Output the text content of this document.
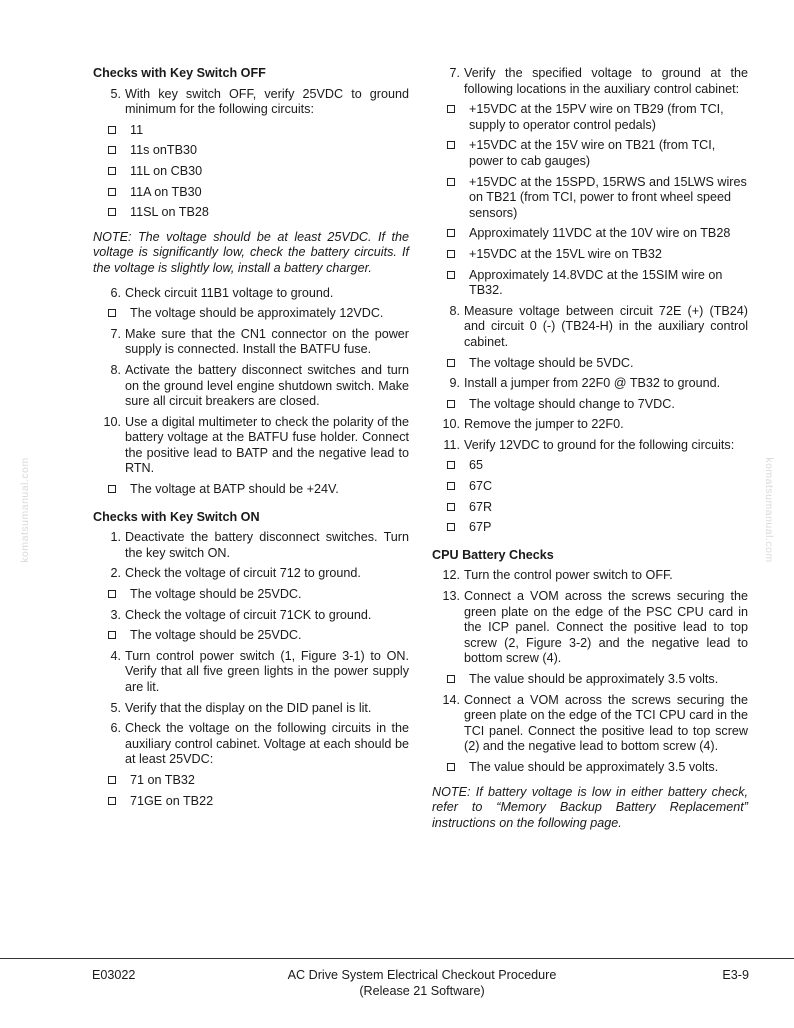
komatsumanual.com	komatsumanual.com
Checks with Key Switch OFF
5. With key switch OFF, verify 25VDC to ground minimum for the following circuits:
11
11s onTB30
11L on CB30
11A on TB30
11SL on TB28
NOTE: The voltage should be at least 25VDC. If the voltage is significantly low, check the battery circuits. If the voltage is slightly low, install a battery charger.
6. Check circuit 11B1 voltage to ground.
The voltage should be approximately 12VDC.
7. Make sure that the CN1 connector on the power supply is connected. Install the BATFU fuse.
8. Activate the battery disconnect switches and turn on the ground level engine shutdown switch. Make sure all circuit breakers are closed.
10. Use a digital multimeter to check the polarity of the battery voltage at the BATFU fuse holder. Connect the positive lead to BATP and the negative lead to RTN.
The voltage at BATP should be +24V.
Checks with Key Switch ON
1. Deactivate the battery disconnect switches. Turn the key switch ON.
2. Check the voltage of circuit 712 to ground.
The voltage should be 25VDC.
3. Check the voltage of circuit 71CK to ground.
The voltage should be 25VDC.
4. Turn control power switch (1, Figure 3-1) to ON. Verify that all five green lights in the power supply are lit.
5. Verify that the display on the DID panel is lit.
6. Check the voltage on the following circuits in the auxiliary control cabinet. Voltage at each should be at least 25VDC:
71 on TB32
71GE on TB22
7. Verify the specified voltage to ground at the following locations in the auxiliary control cabinet:
+15VDC at the 15PV wire on TB29 (from TCI, supply to operator control pedals)
+15VDC at the 15V wire on TB21 (from TCI, power to cab gauges)
+15VDC at the 15SPD, 15RWS and 15LWS wires on TB21 (from TCI, power to front wheel speed sensors)
Approximately 11VDC at the 10V wire on TB28
+15VDC at the 15VL wire on TB32
Approximately 14.8VDC at the 15SIM wire on TB32.
8. Measure voltage between circuit 72E (+) (TB24) and circuit 0 (-) (TB24-H) in the auxiliary control cabinet.
The voltage should be 5VDC.
9. Install a jumper from 22F0 @ TB32 to ground.
The voltage should change to 7VDC.
10. Remove the jumper to 22F0.
11. Verify 12VDC to ground for the following circuits:
65
67C
67R
67P
CPU Battery Checks
12. Turn the control power switch to OFF.
13. Connect a VOM across the screws securing the green plate on the edge of the PSC CPU card in the ICP panel. Connect the positive lead to top screw (2, Figure 3-2) and the negative lead to bottom screw (4).
The value should be approximately 3.5 volts.
14. Connect a VOM across the screws securing the green plate on the edge of the TCI CPU card in the TCI panel. Connect the positive lead to top screw (2) and the negative lead to bottom screw (4).
The value should be approximately 3.5 volts.
NOTE: If battery voltage is low in either battery check, refer to “Memory Backup Battery Replacement” instructions on the following page.
E03022	AC Drive System Electrical Checkout Procedure
(Release 21 Software)
E3-9
